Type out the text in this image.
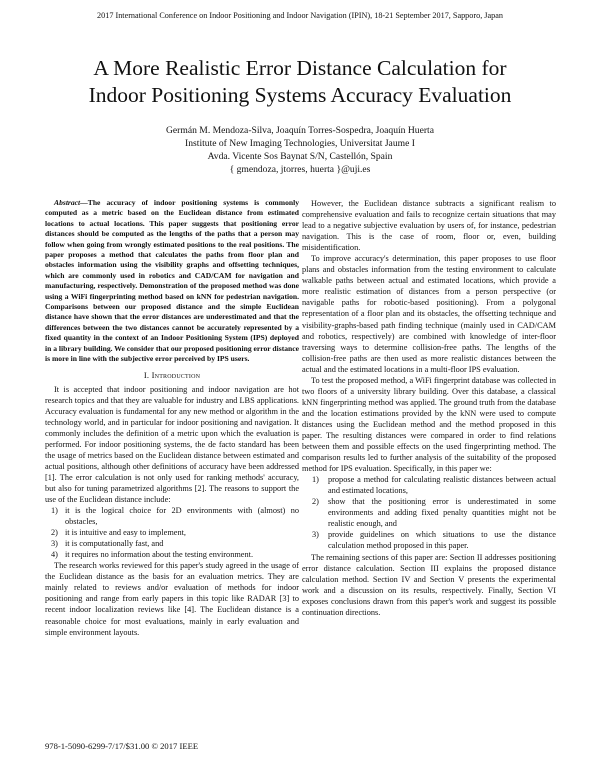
2017 International Conference on Indoor Positioning and Indoor Navigation (IPIN), 18-21 September 2017, Sapporo, Japan
A More Realistic Error Distance Calculation for
Indoor Positioning Systems Accuracy Evaluation
Germán M. Mendoza-Silva, Joaquín Torres-Sospedra, Joaquín Huerta
Institute of New Imaging Technologies, Universitat Jaume I
Avda. Vicente Sos Baynat S/N, Castellón, Spain
{ gmendoza, jtorres, huerta }@uji.es

Abstract—The accuracy of indoor positioning systems is commonly computed as a metric based on the Euclidean distance from estimated locations to actual locations. This paper suggests that positioning error distances should be computed as the lengths of the paths that a person may follow when going from wrongly estimated positions to the real positions. The paper proposes a method that calculates the paths from floor plan and obstacles information using the visibility graphs and offsetting techniques, which are commonly used in robotics and CAD/CAM for navigation and manufacturing, respectively. Demonstration of the proposed method was done using a WiFi fingerprinting method based on kNN for pedestrian navigation. Comparisons between our proposed distance and the simple Euclidean distance have shown that the error distances are underestimated and that the differences between the two distances cannot be accurately represented by a fixed quantity in the context of an Indoor Positioning System (IPS) deployed in a library building. We consider that our proposed positioning error distance is more in line with the subjective error perceived by IPS users.

I. Introduction

It is accepted that indoor positioning and indoor navigation are hot research topics and that they are valuable for industry and LBS applications. Accuracy evaluation is fundamental for any new method or algorithm in the technology world, and in particular for indoor positioning and navigation. It commonly includes the definition of a metric upon which the evaluation is performed. For indoor positioning systems, the de facto standard has been the usage of metrics based on the Euclidean distance between estimated and actual positions, although other definitions of accuracy have been addressed [1]. The error calculation is not only used for ranking methods' accuracy, but also for tuning parametrized algorithms [2]. The reasons to support the use of the Euclidean distance include:

1) it is the logical choice for 2D environments with (almost) no obstacles,
2) it is intuitive and easy to implement,
3) it is computationally fast, and
4) it requires no information about the testing environment.

The research works reviewed for this paper's study agreed in the usage of the Euclidean distance as the basis for an evaluation metrics. They are mainly related to reviews and/or evaluation of methods for indoor positioning and range from early papers in this topic like RADAR [3] to recent indoor localization reviews like [4]. The Euclidean distance is a reasonable choice for most evaluations, mainly in early evaluation and simple environment layouts.

However, the Euclidean distance subtracts a significant realism to comprehensive evaluation and fails to recognize certain situations that may lead to a negative subjective evaluation by users of, for instance, pedestrian navigation. This is the case of room, floor or, even, building misidentification.

To improve accuracy's determination, this paper proposes to use floor plans and obstacles information from the testing environment to calculate walkable paths between actual and estimated locations, which provide a more realistic estimation of distances from a person perspective (or navigable paths for robotic-based positioning). From a polygonal representation of a floor plan and its obstacles, the offsetting technique and visibility-graphs-based path finding technique (mainly used in CAD/CAM and robotics, respectively) are combined with knowledge of inter-floor traversing ways to determine collision-free paths. The lengths of the collision-free paths are then used as more realistic distances between the actual and the estimated locations in a multi-floor IPS evaluation.

To test the proposed method, a WiFi fingerprint database was collected in two floors of a university library building. Over this database, a classical kNN fingerprinting method was applied. The ground truth from the database and the location estimations provided by the kNN were used to compute distances using the Euclidean method and the method proposed in this paper. The resulting distances were compared in order to find relations between them and possible effects on the used fingerprinting method. The comparison results led to further analysis of the suitability of the proposed method for IPS evaluation. Specifically, in this paper we:

1) propose a method for calculating realistic distances between actual and estimated locations,
2) show that the positioning error is underestimated in some environments and adding fixed penalty quantities might not be realistic enough, and
3) provide guidelines on which situations to use the distance calculation method proposed in this paper.

The remaining sections of this paper are: Section II addresses positioning error distance calculation. Section III explains the proposed distance calculation method. Section IV and Section V presents the experimental work and a discussion on its results, respectively. Finally, Section VI exposes conclusions drawn from this paper's work and suggest its possible continuation directions.

978-1-5090-6299-7/17/$31.00 © 2017 IEEE
